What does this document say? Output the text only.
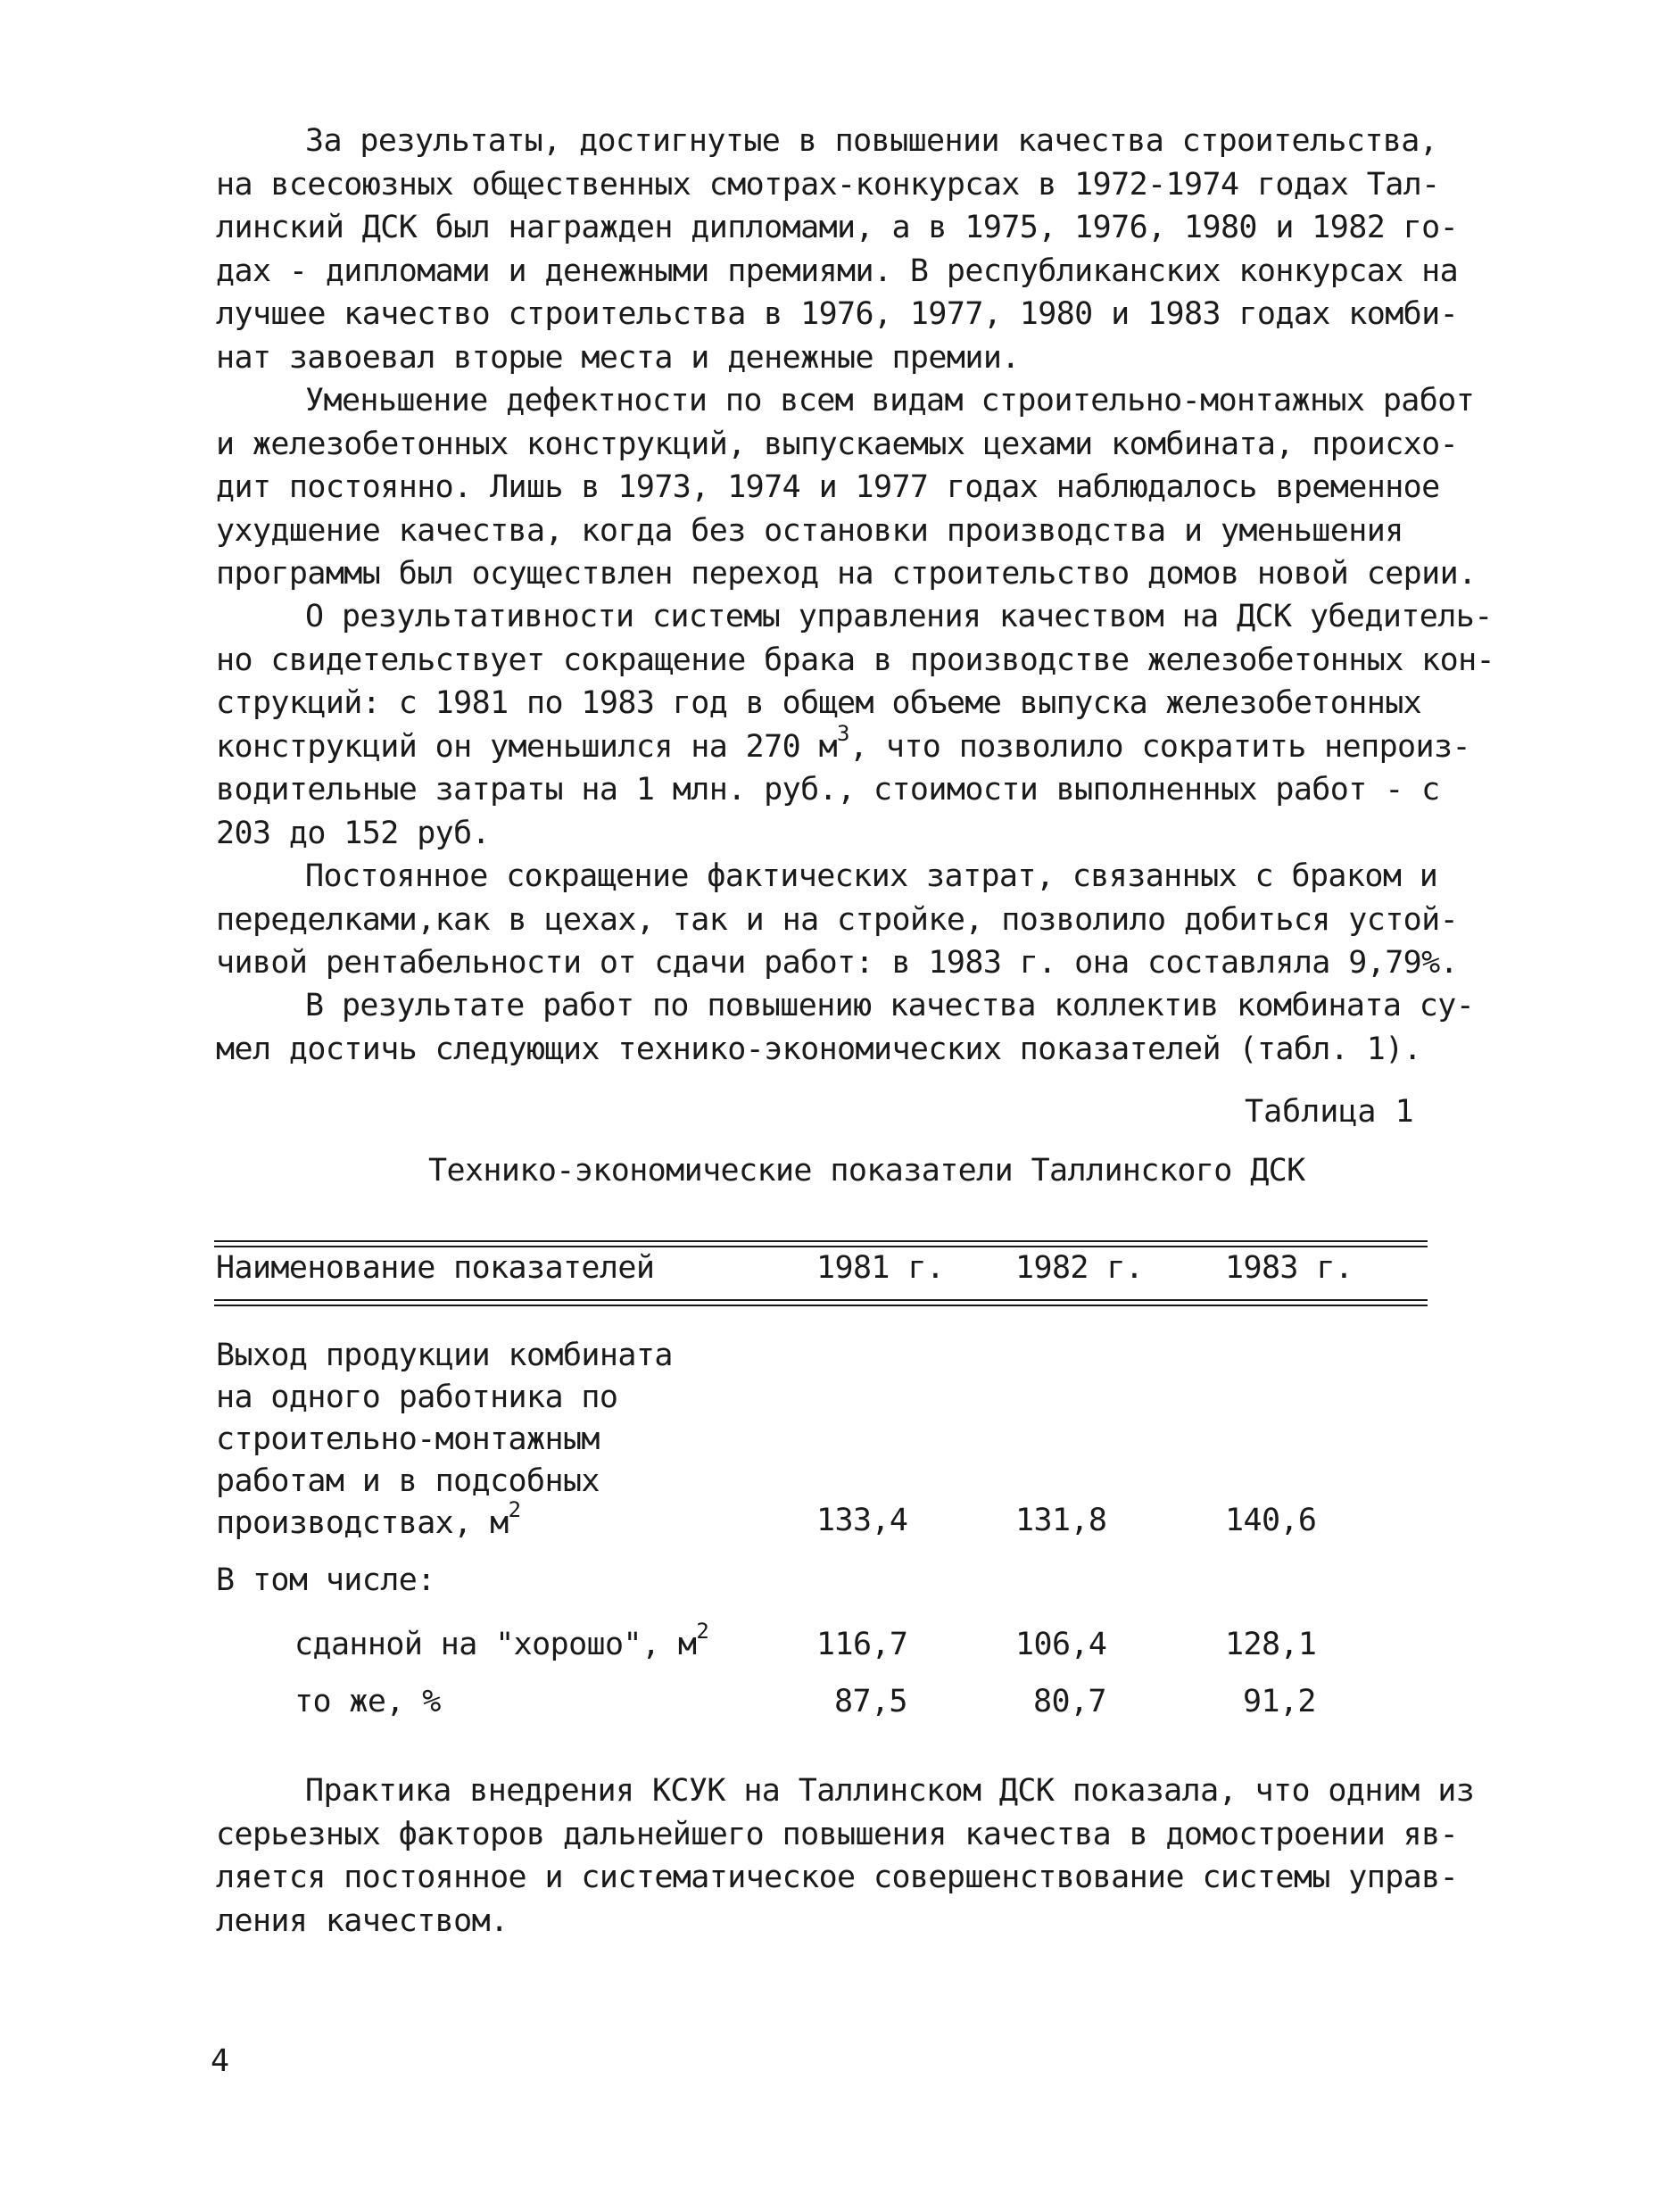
За результаты, достигнутые в повышении качества строительства,
на всесоюзных общественных смотрах-конкурсах в 1972-1974 годах Тал-
линский ДСК был награжден дипломами, а в 1975, 1976, 1980 и 1982 го-
дах - дипломами и денежными премиями. В республиканских конкурсах на
лучшее качество строительства в 1976, 1977, 1980 и 1983 годах комби-
нат завоевал вторые места и денежные премии.
Уменьшение дефектности по всем видам строительно-монтажных работ
и железобетонных конструкций, выпускаемых цехами комбината, происхо-
дит постоянно. Лишь в 1973, 1974 и 1977 годах наблюдалось временное
ухудшение качества, когда без остановки производства и уменьшения
программы был осуществлен переход на строительство домов новой серии.
О результативности системы управления качеством на ДСК убедитель-
но свидетельствует сокращение брака в производстве железобетонных кон-
струкций: с 1981 по 1983 год в общем объеме выпуска железобетонных
конструкций он уменьшился на 270 $м^3$, что позволило сократить непроиз-
водительные затраты на 1 млн. руб., стоимости выполненных работ - с
203 до 152 руб.
Постоянное сокращение фактических затрат, связанных с браком и
переделками,как в цехах, так и на стройке, позволило добиться устой-
чивой рентабельности от сдачи работ: в 1983 г. она составляла 9,79%.
В результате работ по повышению качества коллектив комбината су-
мел достичь следующих технико-экономических показателей (табл. 1).
Таблица 1
Технико-экономические показатели Таллинского ДСК
Наименование показателей	1981 г. 1982 г.	1983 г.
Выход продукции комбината
на одного работника по
строительно-монтажным
работам и в подсобных
производствах, $м^2$	133,4	131,8	140,6
В том числе:
сданной на "хорошо", $м^2$	116,7	106,4	128,1
то же, %	87,5	80,7	91,2
Практика внедрения КСУК на Таллинском ДСК показала, что одним из
серьезных факторов дальнейшего повышения качества в домостроении яв-
ляется постоянное и систематическое совершенствование системы управ-
ления качеством.
4
